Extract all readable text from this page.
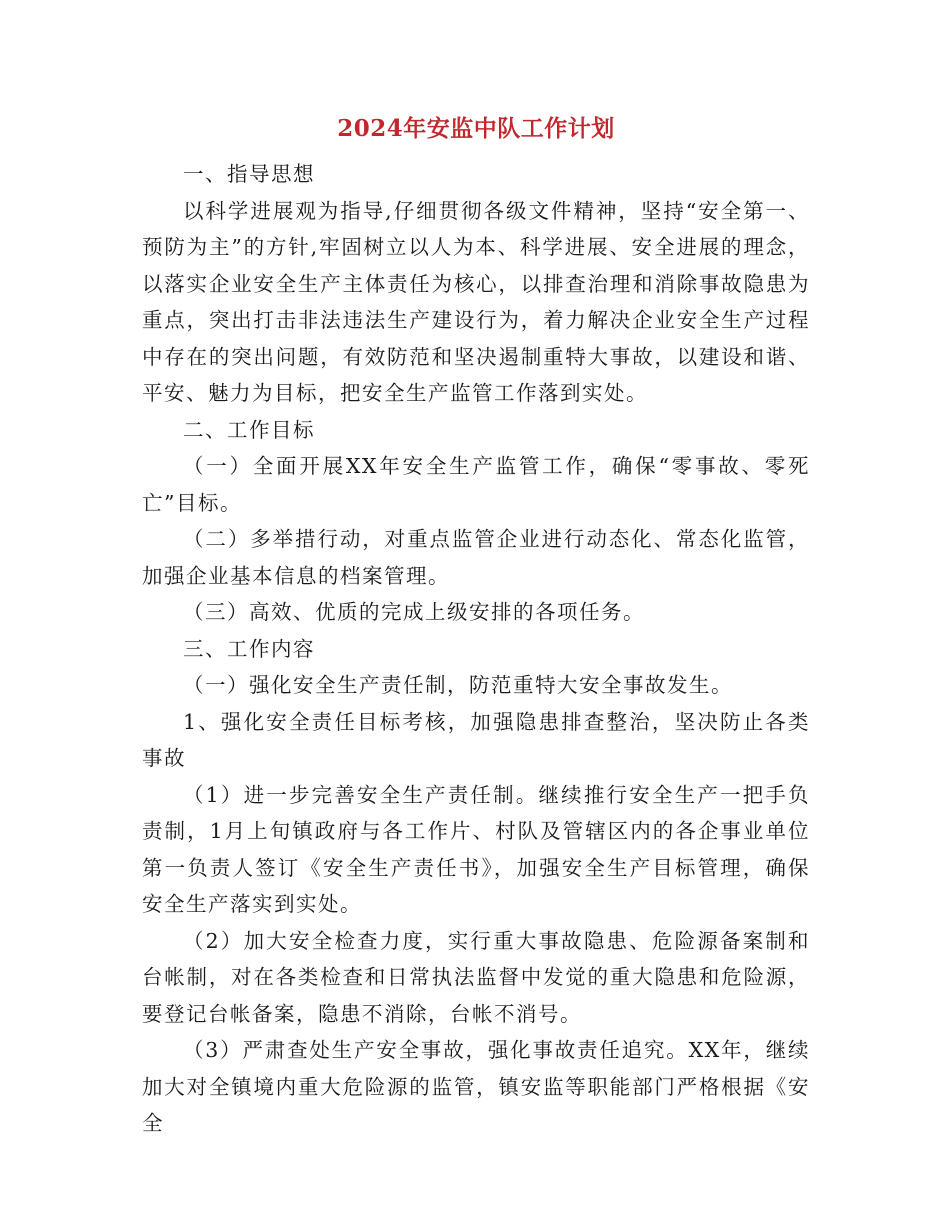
2024年安监中队工作计划

一、指导思想

以科学进展观为指导,仔细贯彻各级文件精神，坚持“安全第一、预防为主”的方针,牢固树立以人为本、科学进展、安全进展的理念，以落实企业安全生产主体责任为核心，以排查治理和消除事故隐患为重点，突出打击非法违法生产建设行为，着力解决企业安全生产过程中存在的突出问题，有效防范和坚决遏制重特大事故，以建设和谐、平安、魅力为目标，把安全生产监管工作落到实处。

二、工作目标

（一）全面开展XX年安全生产监管工作，确保“零事故、零死亡”目标。

（二）多举措行动，对重点监管企业进行动态化、常态化监管，加强企业基本信息的档案管理。

（三）高效、优质的完成上级安排的各项任务。

三、工作内容

（一）强化安全生产责任制，防范重特大安全事故发生。

1、强化安全责任目标考核，加强隐患排查整治，坚决防止各类事故

（1）进一步完善安全生产责任制。继续推行安全生产一把手负责制，1月上旬镇政府与各工作片、村队及管辖区内的各企事业单位第一负责人签订《安全生产责任书》，加强安全生产目标管理，确保安全生产落实到实处。

（2）加大安全检查力度，实行重大事故隐患、危险源备案制和台帐制，对在各类检查和日常执法监督中发觉的重大隐患和危险源，要登记台帐备案，隐患不消除，台帐不消号。

（3）严肃查处生产安全事故，强化事故责任追究。XX年，继续加大对全镇境内重大危险源的监管，镇安监等职能部门严格根据《安全
